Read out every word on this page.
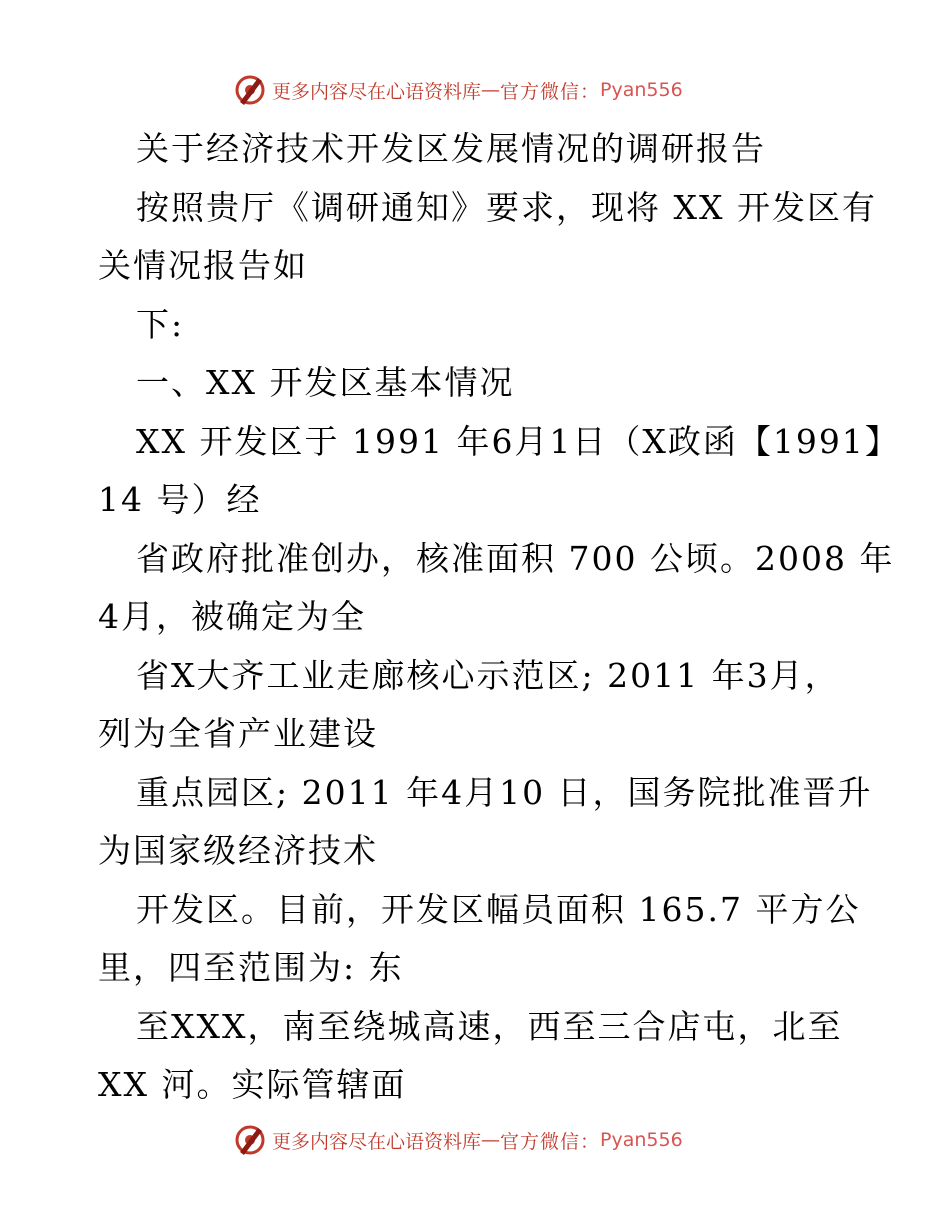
更多内容尽在心语资料库 — 官方微信： Pyan556
关于经济技术开发区发展情况的调研报告
按照贵厅《调研通知》要求，现将 XX 开发区有
关情况报告如
下:
一、XX 开发区基本情况
XX 开发区于 1991 年6月1日（X政函【1991】
14 号）经
省政府批准创办，核准面积 700 公顷。2008 年
4月，被确定为全
省X大齐工业走廊核心示范区; 2011 年3月，
列为全省产业建设
重点园区; 2011 年4月10 日，国务院批准晋升
为国家级经济技术
开发区。目前，开发区幅员面积 165.7 平方公
里，四至范围为: 东
至XXX，南至绕城高速，西至三合店屯，北至
XX 河。实际管辖面
更多内容尽在心语资料库 — 官方微信： Pyan556
